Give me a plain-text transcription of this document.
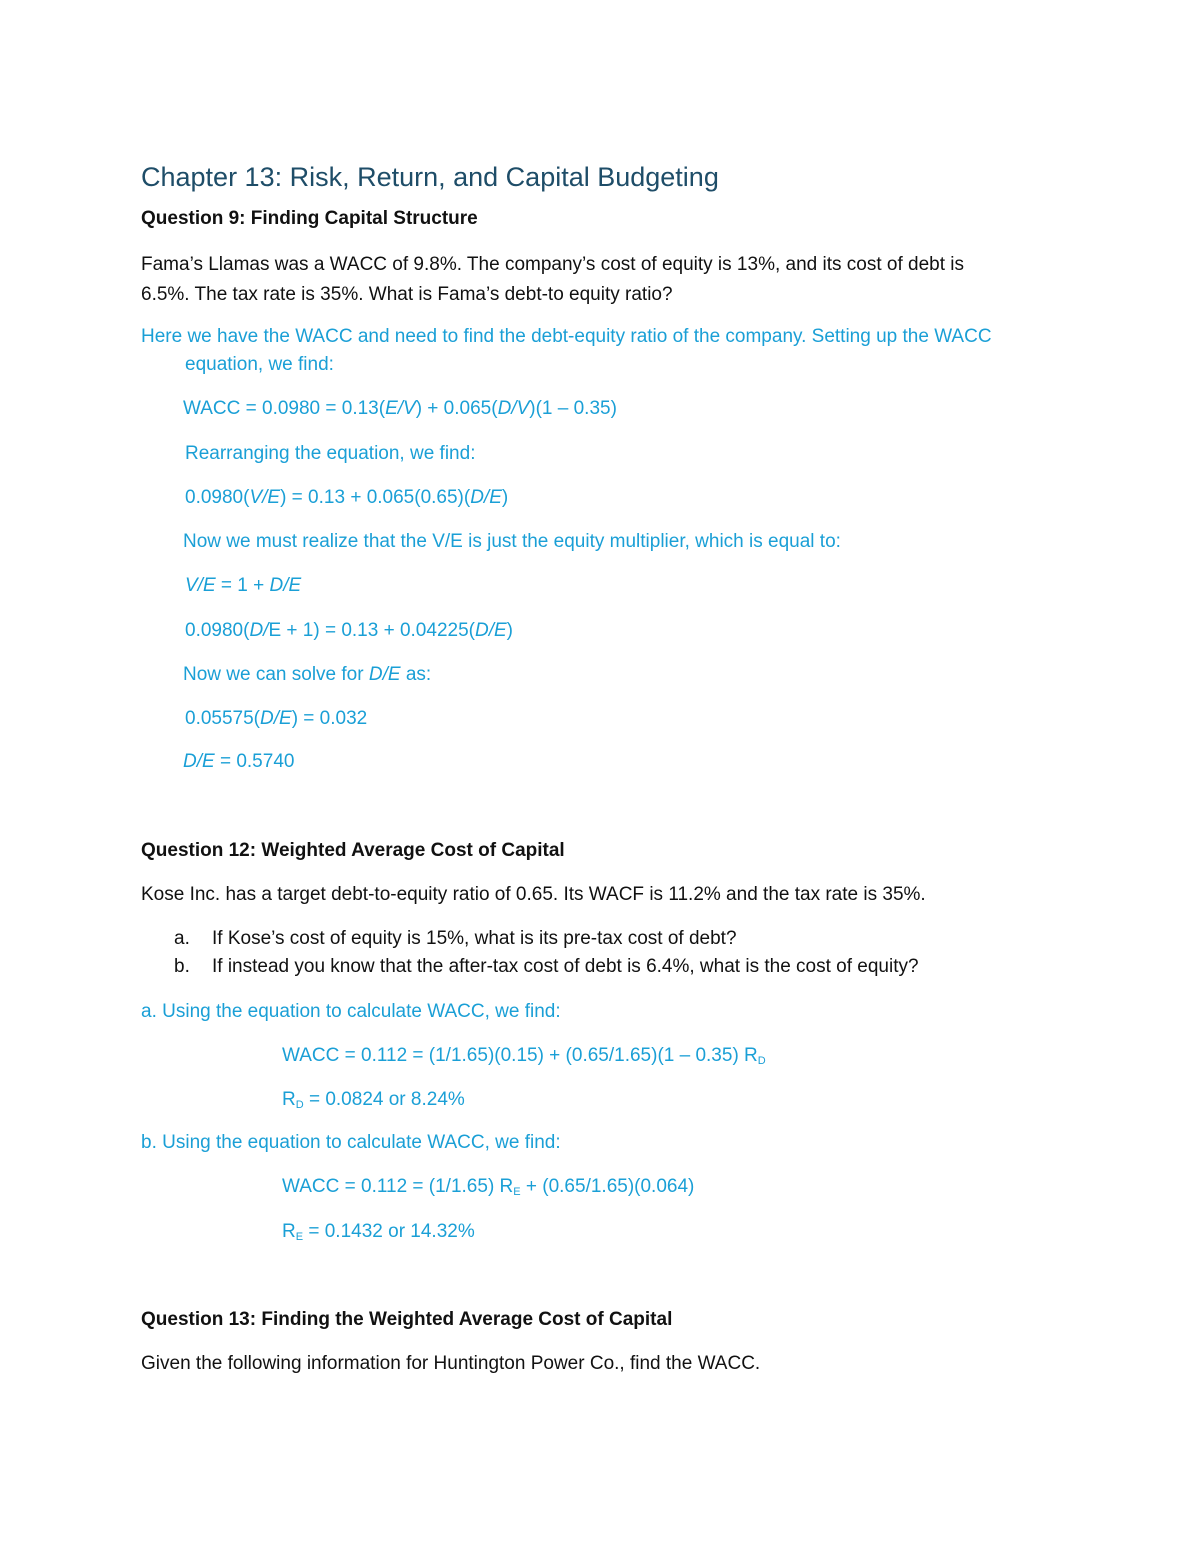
Chapter 13: Risk, Return, and Capital Budgeting
Question 9: Finding Capital Structure
Fama’s Llamas was a WACC of 9.8%. The company’s cost of equity is 13%, and its cost of debt is
6.5%. The tax rate is 35%. What is Fama’s debt-to equity ratio?
Here we have the WACC and need to find the debt-equity ratio of the company. Setting up the WACC
equation, we find:
WACC = 0.0980 = 0.13(E/V) + 0.065(D/V)(1 – 0.35)
Rearranging the equation, we find:
0.0980(V/E) = 0.13 + 0.065(0.65)(D/E)
Now we must realize that the V/E is just the equity multiplier, which is equal to:
V/E = 1 + D/E
0.0980(D/E + 1) = 0.13 + 0.04225(D/E)
Now we can solve for D/E as:
0.05575(D/E) = 0.032
D/E = 0.5740
Question 12: Weighted Average Cost of Capital
Kose Inc. has a target debt-to-equity ratio of 0.65. Its WACF is 11.2% and the tax rate is 35%.
a. If Kose’s cost of equity is 15%, what is its pre-tax cost of debt?
b. If instead you know that the after-tax cost of debt is 6.4%, what is the cost of equity?
a. Using the equation to calculate WACC, we find:
WACC = 0.112 = (1/1.65)(0.15) + (0.65/1.65)(1 – 0.35) $R_D$
$R_D = 0.0824$ or 8.24%
b. Using the equation to calculate WACC, we find:
WACC = 0.112 = (1/1.65) $R_E + (0.65/1.65)(0.064)$
$R_E = 0.1432$ or 14.32%
Question 13: Finding the Weighted Average Cost of Capital
Given the following information for Huntington Power Co., find the WACC.
